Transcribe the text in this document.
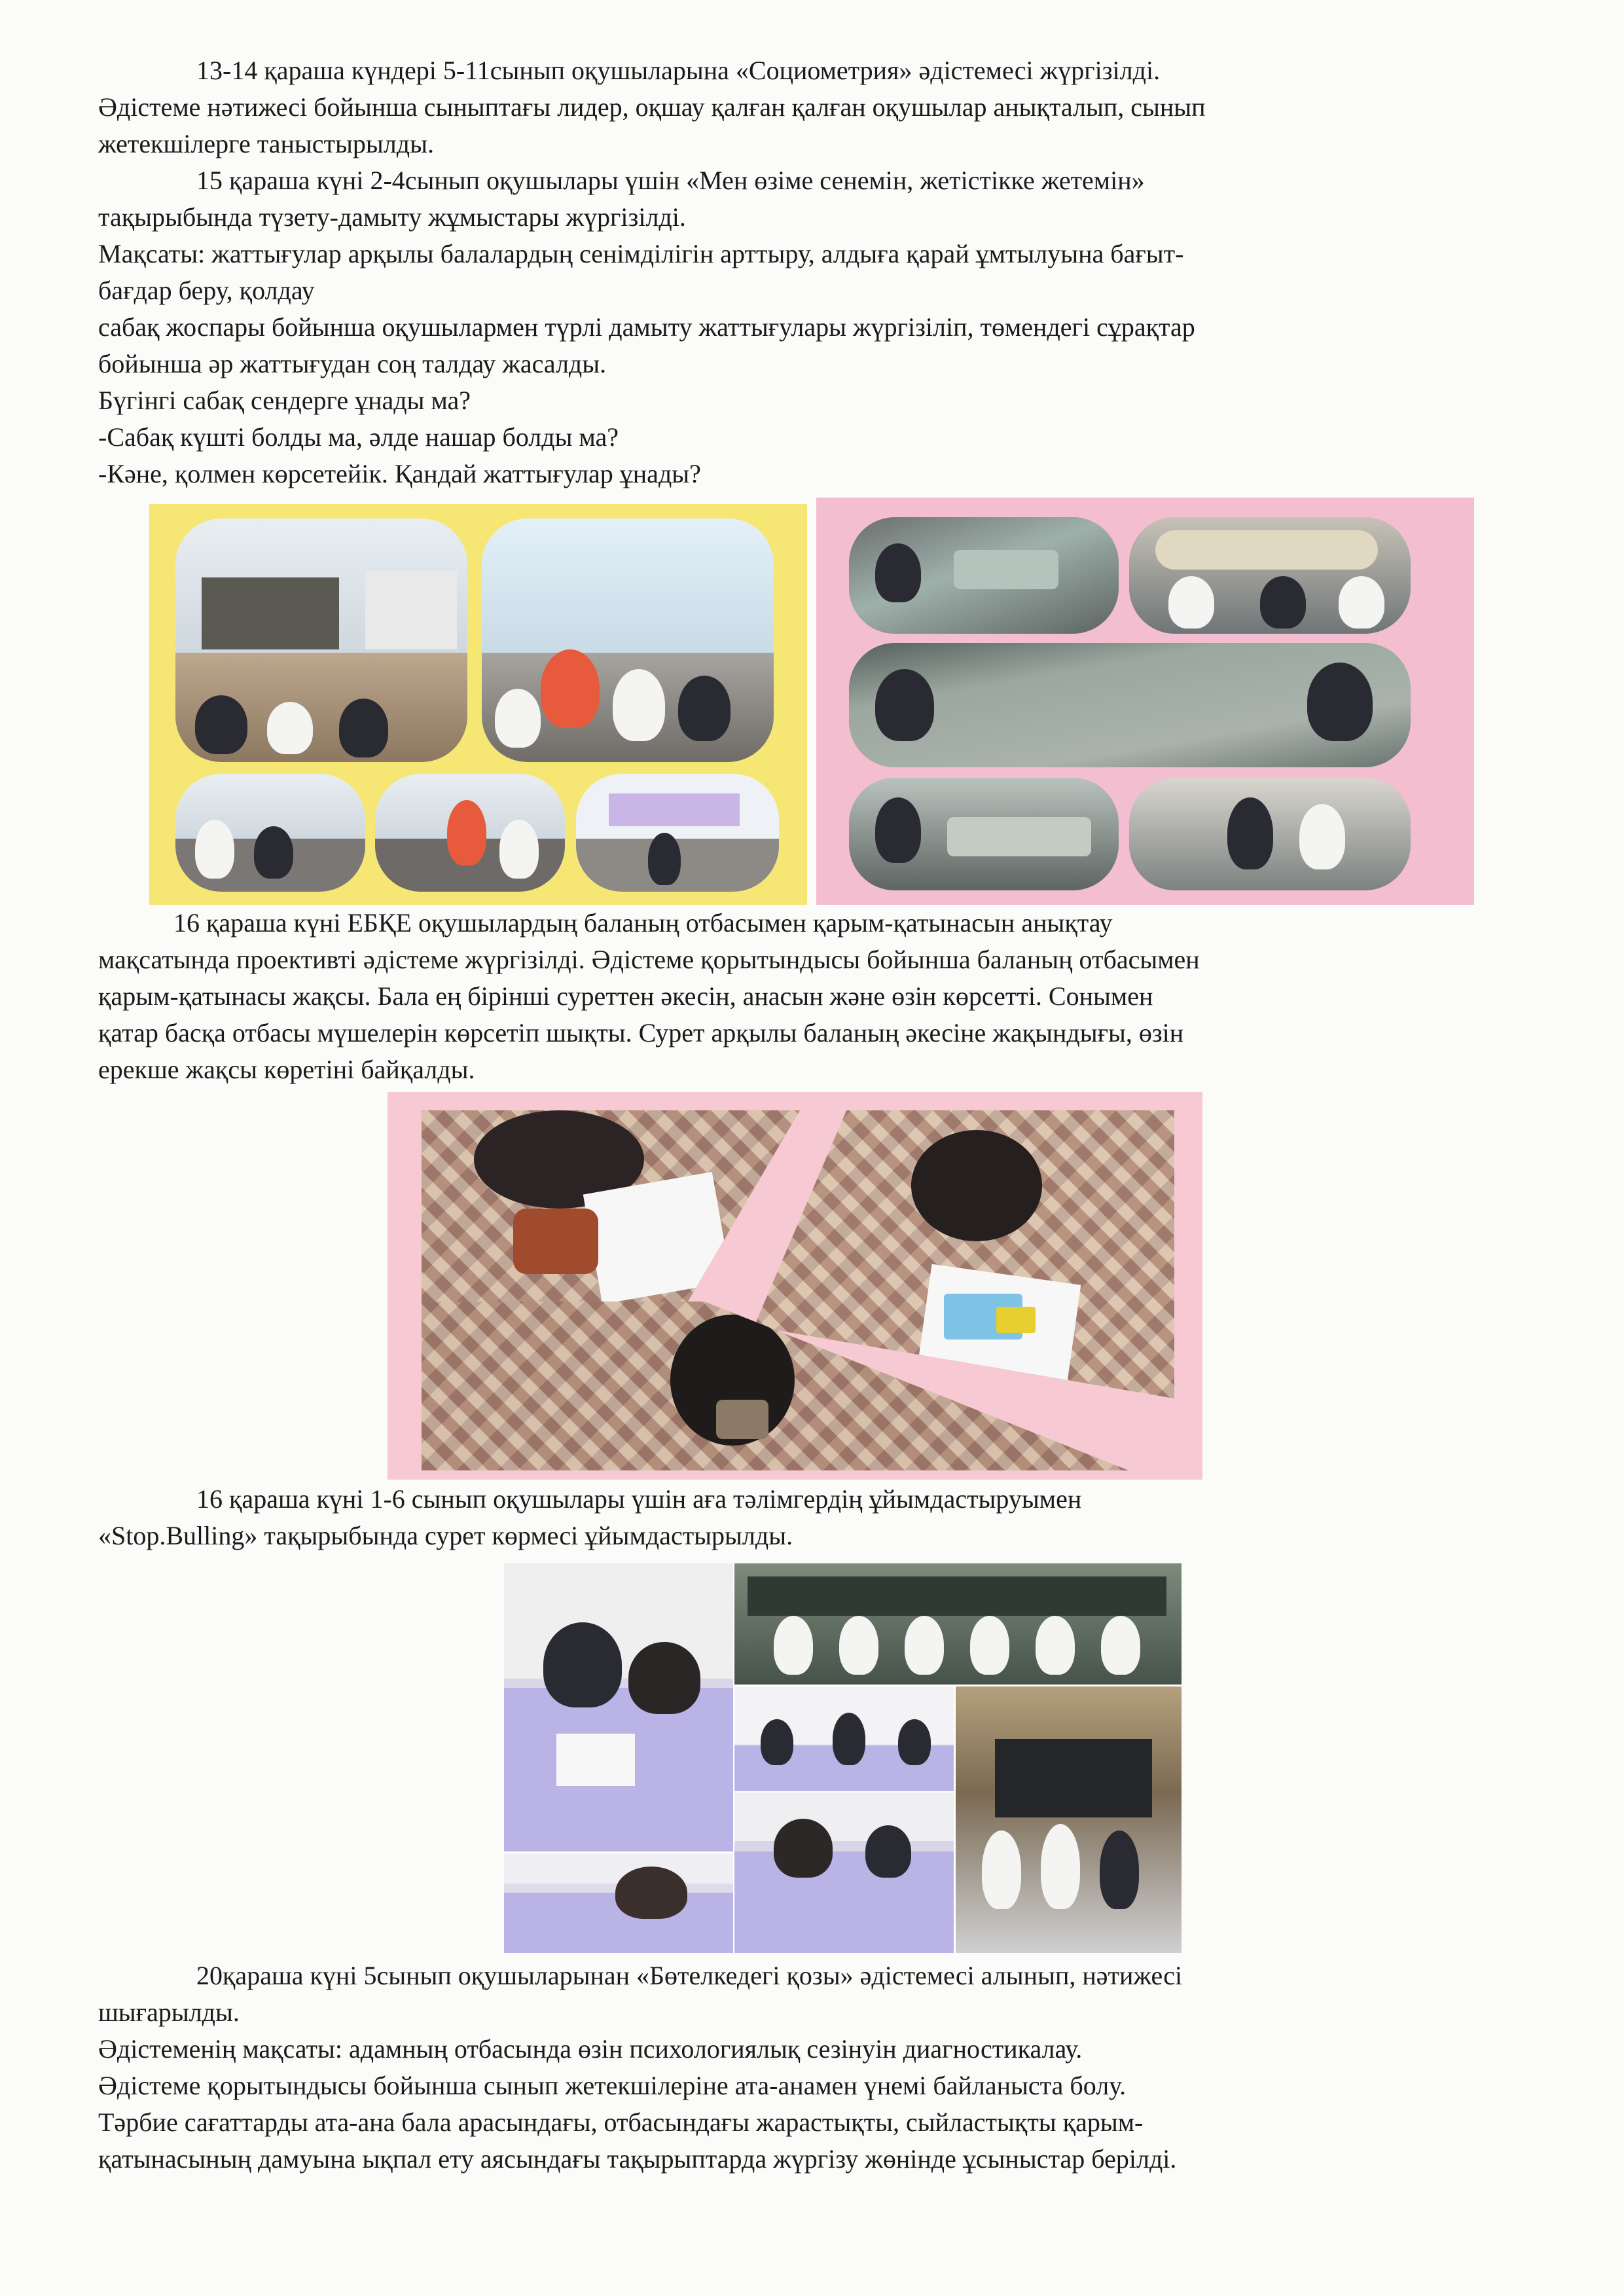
13-14 қараша күндері 5-11сынып оқушыларына «Социометрия» әдістемесі жүргізілді.

Әдістеме нәтижесі бойынша сыныптағы лидер, оқшау қалған қалған оқушылар анықталып, сынып

жетекшілерге таныстырылды.

15 қараша күні 2-4сынып оқушылары үшін «Мен өзіме сенемін, жетістікке жетемін»

тақырыбында түзету-дамыту жұмыстары жүргізілді.

Мақсаты: жаттығулар арқылы балалардың сенімділігін арттыру, алдыға қарай ұмтылуына бағыт-

бағдар беру, қолдау

сабақ жоспары бойынша оқушылармен түрлі дамыту жаттығулары жүргізіліп, төмендегі сұрақтар

бойынша әр жаттығудан соң талдау жасалды.

Бүгінгі сабақ сендерге ұнады ма?

-Сабақ күшті болды ма, әлде нашар болды ма?

-Кәне, қолмен көрсетейік. Қандай жаттығулар ұнады?

16 қараша күні ЕБҚЕ оқушылардың баланың отбасымен қарым-қатынасын анықтау

мақсатында проективті әдістеме жүргізілді. Әдістеме қорытындысы бойынша баланың отбасымен

қарым-қатынасы жақсы. Бала ең бірінші суреттен әкесін, анасын және өзін көрсетті. Сонымен

қатар басқа отбасы мүшелерін көрсетіп шықты. Сурет арқылы баланың әкесіне жақындығы, өзін

ерекше жақсы көретіні байқалды.

16 қараша күні 1-6 сынып оқушылары үшін аға тәлімгердің ұйымдастыруымен

«Stop.Bulling» тақырыбында сурет көрмесі ұйымдастырылды.

20қараша күні 5сынып оқушыларынан «Бөтелкедегі қозы» әдістемесі алынып, нәтижесі

шығарылды.

Әдістеменің мақсаты: адамның отбасында өзін психологиялық сезінуін диагностикалау.

Әдістеме қорытындысы бойынша сынып жетекшілеріне ата-анамен үнемі байланыста болу.

Тәрбие сағаттарды ата-ана бала арасындағы, отбасындағы жарастықты, сыйластықты қарым-

қатынасының дамуына ықпал ету аясындағы тақырыптарда жүргізу жөнінде ұсыныстар берілді.
